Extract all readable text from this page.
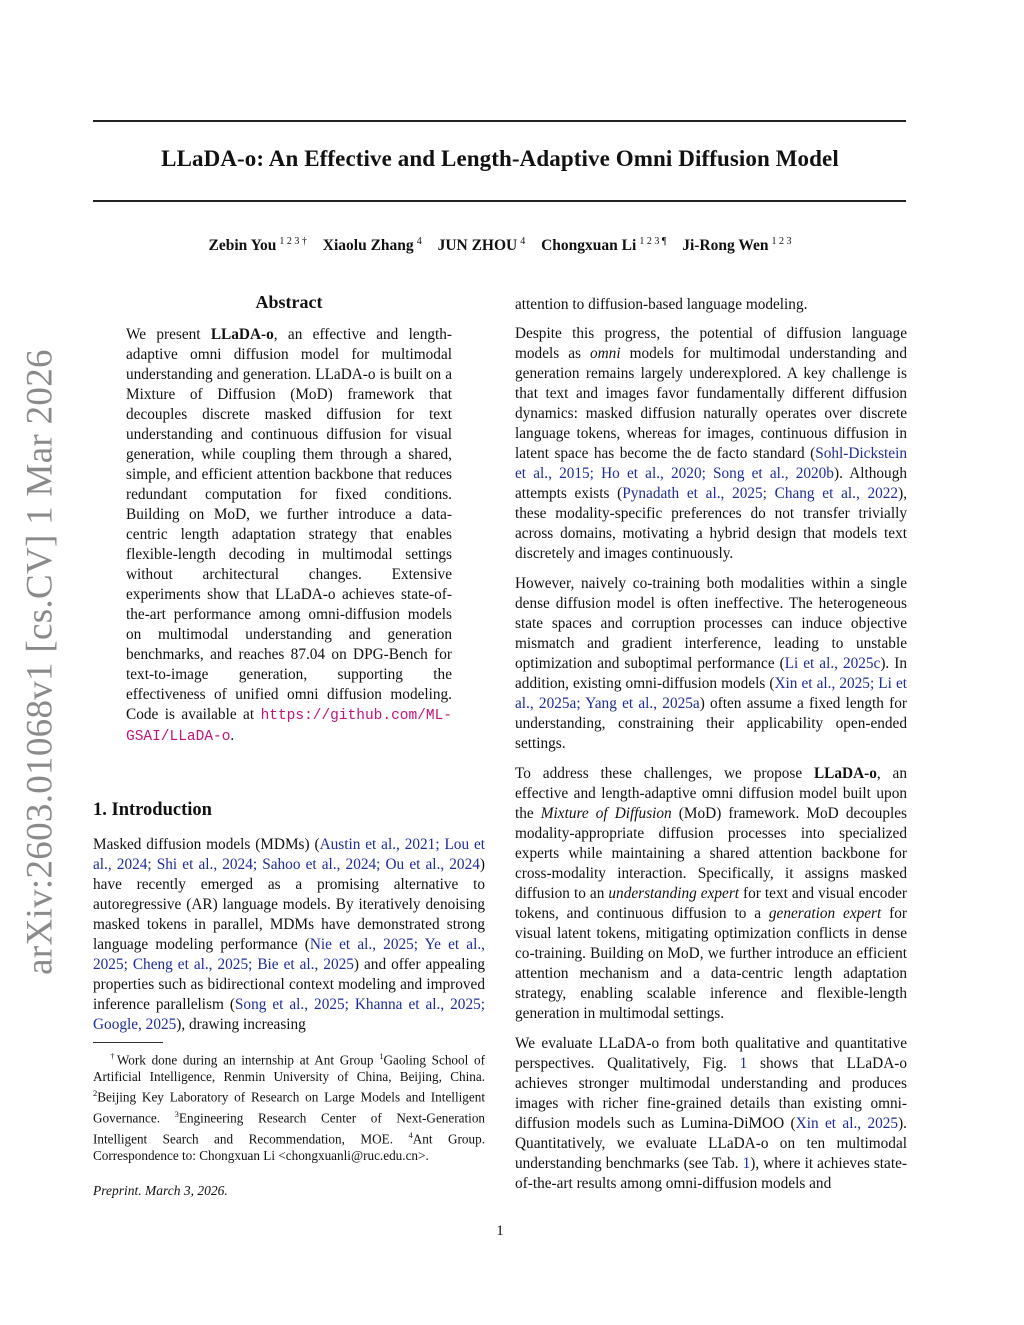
LLaDA-o: An Effective and Length-Adaptive Omni Diffusion Model
Zebin You $^{1 2 3 \dagger}$ Xiaolu Zhang $^4$ JUN ZHOU $^4$ Chongxuan Li $^{1 2 3 \P}$ Ji-Rong Wen $^{1 2 3}$
arXiv:2603.01068v1 [cs.CV] 1 Mar 2026
Abstract
We present LLaDA-o, an effective and length-adaptive omni diffusion model for multimodal understanding and generation. LLaDA-o is built on a Mixture of Diffusion (MoD) framework that decouples discrete masked diffusion for text understanding and continuous diffusion for visual generation, while coupling them through a shared, simple, and efficient attention backbone that reduces redundant computation for fixed conditions. Building on MoD, we further introduce a data-centric length adaptation strategy that enables flexible-length decoding in multimodal settings without architectural changes. Extensive experiments show that LLaDA-o achieves state-of-the-art performance among omni-diffusion models on multimodal understanding and generation benchmarks, and reaches 87.04 on DPG-Bench for text-to-image generation, supporting the effectiveness of unified omni diffusion modeling. Code is available at https://github.com/ML-GSAI/LLaDA-o.
1. Introduction
Masked diffusion models (MDMs) (Austin et al., 2021; Lou et al., 2024; Shi et al., 2024; Sahoo et al., 2024; Ou et al., 2024) have recently emerged as a promising alternative to autoregressive (AR) language models. By iteratively denoising masked tokens in parallel, MDMs have demonstrated strong language modeling performance (Nie et al., 2025; Ye et al., 2025; Cheng et al., 2025; Bie et al., 2025) and offer appealing properties such as bidirectional context modeling and improved inference parallelism (Song et al., 2025; Khanna et al., 2025; Google, 2025), drawing increasing
†Work done during an internship at Ant Group $^1$Gaoling School of Artificial Intelligence, Renmin University of China, Beijing, China. $^2$Beijing Key Laboratory of Research on Large Models and Intelligent Governance. $^3$Engineering Research Center of Next-Generation Intelligent Search and Recommendation, MOE. $^4$Ant Group. Correspondence to: Chongxuan Li <chongxuanli@ruc.edu.cn>.
Preprint. March 3, 2026.

attention to diffusion-based language modeling.

Despite this progress, the potential of diffusion language models as omni models for multimodal understanding and generation remains largely underexplored. A key challenge is that text and images favor fundamentally different diffusion dynamics: masked diffusion naturally operates over discrete language tokens, whereas for images, continuous diffusion in latent space has become the de facto standard (Sohl-Dickstein et al., 2015; Ho et al., 2020; Song et al., 2020b). Although attempts exists (Pynadath et al., 2025; Chang et al., 2022), these modality-specific preferences do not transfer trivially across domains, motivating a hybrid design that models text discretely and images continuously.

However, naively co-training both modalities within a single dense diffusion model is often ineffective. The heterogeneous state spaces and corruption processes can induce objective mismatch and gradient interference, leading to unstable optimization and suboptimal performance (Li et al., 2025c). In addition, existing omni-diffusion models (Xin et al., 2025; Li et al., 2025a; Yang et al., 2025a) often assume a fixed length for understanding, constraining their applicability open-ended settings.

To address these challenges, we propose LLaDA-o, an effective and length-adaptive omni diffusion model built upon the Mixture of Diffusion (MoD) framework. MoD decouples modality-appropriate diffusion processes into specialized experts while maintaining a shared attention backbone for cross-modality interaction. Specifically, it assigns masked diffusion to an understanding expert for text and visual encoder tokens, and continuous diffusion to a generation expert for visual latent tokens, mitigating optimization conflicts in dense co-training. Building on MoD, we further introduce an efficient attention mechanism and a data-centric length adaptation strategy, enabling scalable inference and flexible-length generation in multimodal settings.

We evaluate LLaDA-o from both qualitative and quantitative perspectives. Qualitatively, Fig. 1 shows that LLaDA-o achieves stronger multimodal understanding and produces images with richer fine-grained details than existing omni-diffusion models such as Lumina-DiMOO (Xin et al., 2025). Quantitatively, we evaluate LLaDA-o on ten multimodal understanding benchmarks (see Tab. 1), where it achieves state-of-the-art results among omni-diffusion models and

1
